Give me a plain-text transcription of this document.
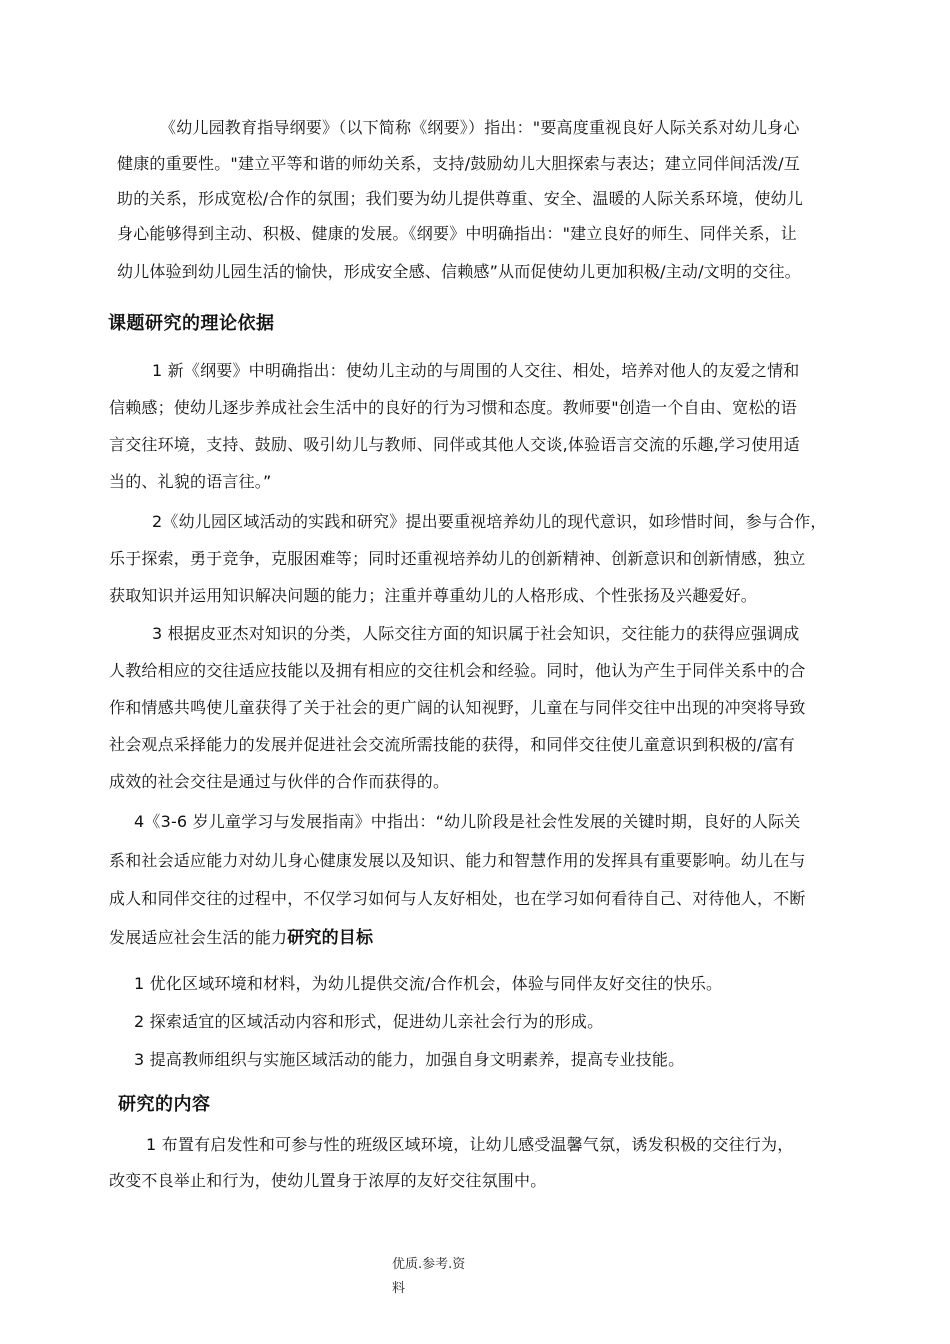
《幼儿园教育指导纲要》（以下简称《纲要》）指出："要高度重视良好人际关系对幼儿身心
健康的重要性。"建立平等和谐的师幼关系，支持/鼓励幼儿大胆探索与表达；建立同伴间活泼/互
助的关系，形成宽松/合作的氛围；我们要为幼儿提供尊重、安全、温暖的人际关系环境，使幼儿
身心能够得到主动、积极、健康的发展。《纲要》中明确指出："建立良好的师生、同伴关系，让
幼儿体验到幼儿园生活的愉快，形成安全感、信赖感”从而促使幼儿更加积极/主动/文明的交往。
课题研究的理论依据
1 新《纲要》中明确指出：使幼儿主动的与周围的人交往、相处，培养对他人的友爱之情和
信赖感；使幼儿逐步养成社会生活中的良好的行为习惯和态度。教师要"创造一个自由、宽松的语
言交往环境，支持、鼓励、吸引幼儿与教师、同伴或其他人交谈,体验语言交流的乐趣,学习使用适
当的、礼貌的语言往。”
2《幼儿园区域活动的实践和研究》提出要重视培养幼儿的现代意识，如珍惜时间，参与合作，
乐于探索，勇于竞争，克服困难等；同时还重视培养幼儿的创新精神、创新意识和创新情感，独立
获取知识并运用知识解决问题的能力；注重并尊重幼儿的人格形成、个性张扬及兴趣爱好。
3 根据皮亚杰对知识的分类，人际交往方面的知识属于社会知识，交往能力的获得应强调成
人教给相应的交往适应技能以及拥有相应的交往机会和经验。同时，他认为产生于同伴关系中的合
作和情感共鸣使儿童获得了关于社会的更广阔的认知视野，儿童在与同伴交往中出现的冲突将导致
社会观点采择能力的发展并促进社会交流所需技能的获得，和同伴交往使儿童意识到积极的/富有
成效的社会交往是通过与伙伴的合作而获得的。
4《3-6 岁儿童学习与发展指南》中指出：“幼儿阶段是社会性发展的关键时期，良好的人际关
系和社会适应能力对幼儿身心健康发展以及知识、能力和智慧作用的发挥具有重要影响。幼儿在与
成人和同伴交往的过程中，不仅学习如何与人友好相处，也在学习如何看待自己、对待他人，不断
发展适应社会生活的能力研究的目标
1 优化区域环境和材料，为幼儿提供交流/合作机会，体验与同伴友好交往的快乐。
2 探索适宜的区域活动内容和形式，促进幼儿亲社会行为的形成。
3 提高教师组织与实施区域活动的能力，加强自身文明素养，提高专业技能。
研究的内容
1 布置有启发性和可参与性的班级区域环境，让幼儿感受温馨气氛，诱发积极的交往行为，
改变不良举止和行为，使幼儿置身于浓厚的友好交往氛围中。
优质.参考.资
料
